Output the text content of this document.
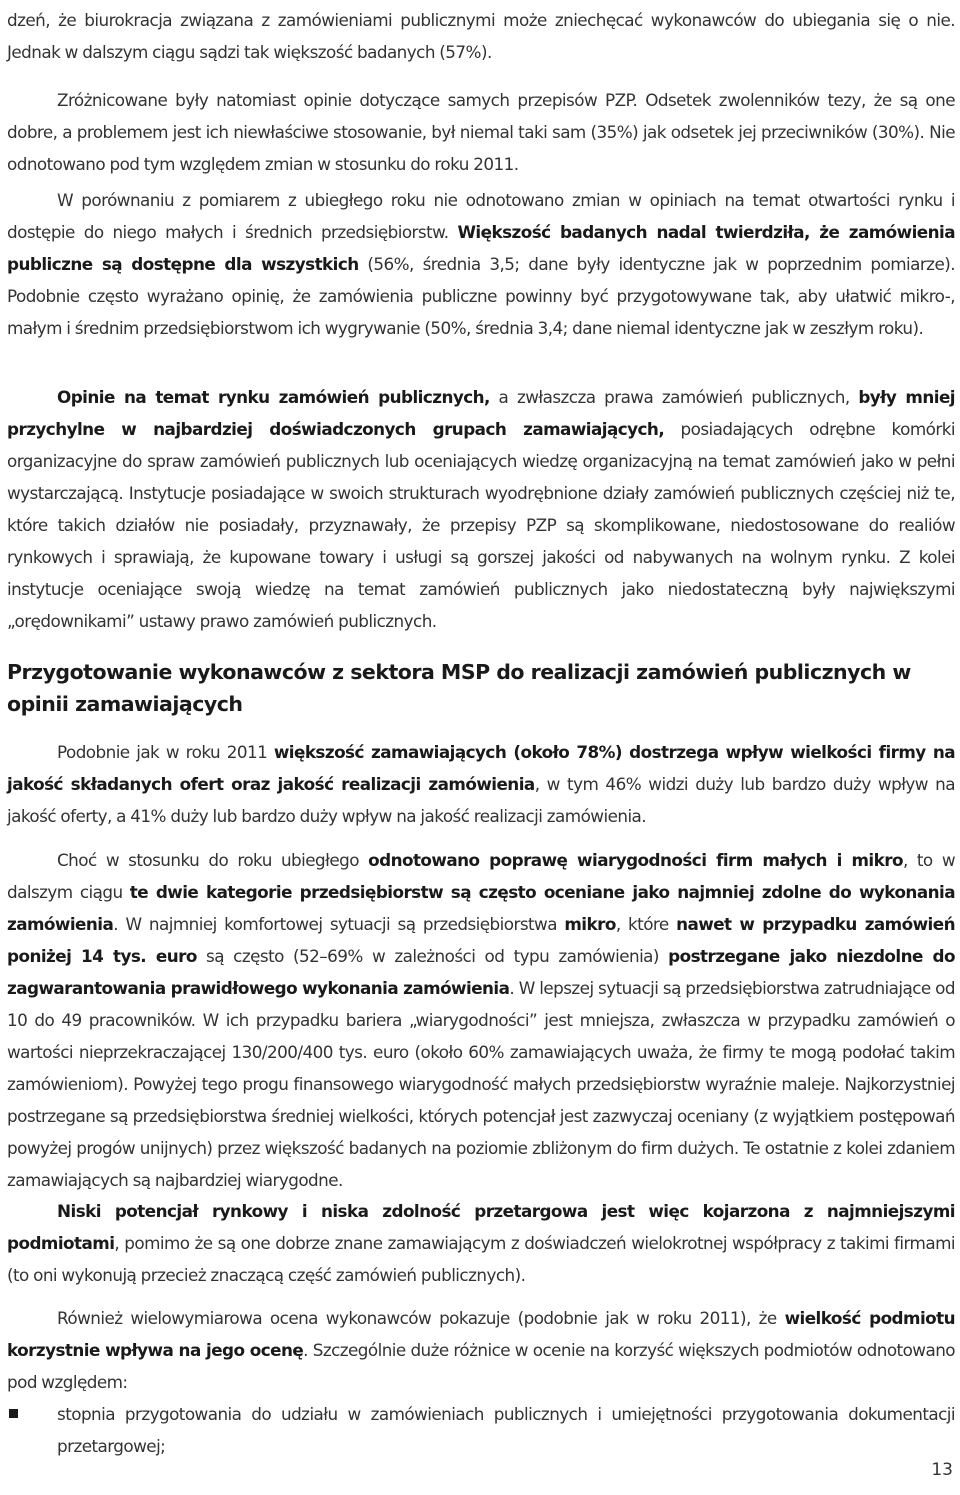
dzeń, że biurokracja związana z zamówieniami publicznymi może zniechęcać wykonawców do ubiegania się o nie. Jednak w dalszym ciągu sądzi tak większość badanych (57%).

Zróżnicowane były natomiast opinie dotyczące samych przepisów PZP. Odsetek zwolenników tezy, że są one dobre, a problemem jest ich niewłaściwe stosowanie, był niemal taki sam (35%) jak odsetek jej przeciwników (30%). Nie odnotowano pod tym względem zmian w stosunku do roku 2011.

W porównaniu z pomiarem z ubiegłego roku nie odnotowano zmian w opiniach na temat otwartości rynku i dostępie do niego małych i średnich przedsiębiorstw. Większość badanych nadal twierdziła, że zamówienia publiczne są dostępne dla wszystkich (56%, średnia 3,5; dane były identyczne jak w poprzednim pomiarze). Podobnie często wyrażano opinię, że zamówienia publiczne powinny być przygotowywane tak, aby ułatwić mikro-, małym i średnim przedsiębiorstwom ich wygrywanie (50%, średnia 3,4; dane niemal identyczne jak w zeszłym roku).

Opinie na temat rynku zamówień publicznych, a zwłaszcza prawa zamówień publicznych, były mniej przychylne w najbardziej doświadczonych grupach zamawiających, posiadających odrębne komórki organizacyjne do spraw zamówień publicznych lub oceniających wiedzę organizacyjną na temat zamówień jako w pełni wystarczającą. Instytucje posiadające w swoich strukturach wyodrębnione działy zamówień publicznych częściej niż te, które takich działów nie posiadały, przyznawały, że przepisy PZP są skomplikowane, niedostosowane do realiów rynkowych i sprawiają, że kupowane towary i usługi są gorszej jakości od nabywanych na wolnym rynku. Z kolei instytucje oceniające swoją wiedzę na temat zamówień publicznych jako niedostateczną były największymi „orędownikami” ustawy prawo zamówień publicznych.

Przygotowanie wykonawców z sektora MSP do realizacji zamówień publicznych w opinii zamawiających

Podobnie jak w roku 2011 większość zamawiających (około 78%) dostrzega wpływ wielkości firmy na jakość składanych ofert oraz jakość realizacji zamówienia, w tym 46% widzi duży lub bardzo duży wpływ na jakość oferty, a 41% duży lub bardzo duży wpływ na jakość realizacji zamówienia.

Choć w stosunku do roku ubiegłego odnotowano poprawę wiarygodności firm małych i mikro, to w dalszym ciągu te dwie kategorie przedsiębiorstw są często oceniane jako najmniej zdolne do wykonania zamówienia. W najmniej komfortowej sytuacji są przedsiębiorstwa mikro, które nawet w przypadku zamówień poniżej 14 tys. euro są często (52–69% w zależności od typu zamówienia) postrzegane jako niezdolne do zagwarantowania prawidłowego wykonania zamówienia. W lepszej sytuacji są przedsiębiorstwa zatrudniające od 10 do 49 pracowników. W ich przypadku bariera „wiarygodności” jest mniejsza, zwłaszcza w przypadku zamówień o wartości nieprzekraczającej 130/200/400 tys. euro (około 60% zamawiających uważa, że firmy te mogą podołać takim zamówieniom). Powyżej tego progu finansowego wiarygodność małych przedsiębiorstw wyraźnie maleje. Najkorzystniej postrzegane są przedsiębiorstwa średniej wielkości, których potencjał jest zazwyczaj oceniany (z wyjątkiem postępowań powyżej progów unijnych) przez większość badanych na poziomie zbliżonym do firm dużych. Te ostatnie z kolei zdaniem zamawiających są najbardziej wiarygodne.

Niski potencjał rynkowy i niska zdolność przetargowa jest więc kojarzona z najmniejszymi podmiotami, pomimo że są one dobrze znane zamawiającym z doświadczeń wielokrotnej współpracy z takimi firmami (to oni wykonują przecież znaczącą część zamówień publicznych).

Również wielowymiarowa ocena wykonawców pokazuje (podobnie jak w roku 2011), że wielkość podmiotu korzystnie wpływa na jego ocenę. Szczególnie duże różnice w ocenie na korzyść większych podmiotów odnotowano pod względem:

stopnia przygotowania do udziału w zamówieniach publicznych i umiejętności przygotowania dokumentacji przetargowej;
13
